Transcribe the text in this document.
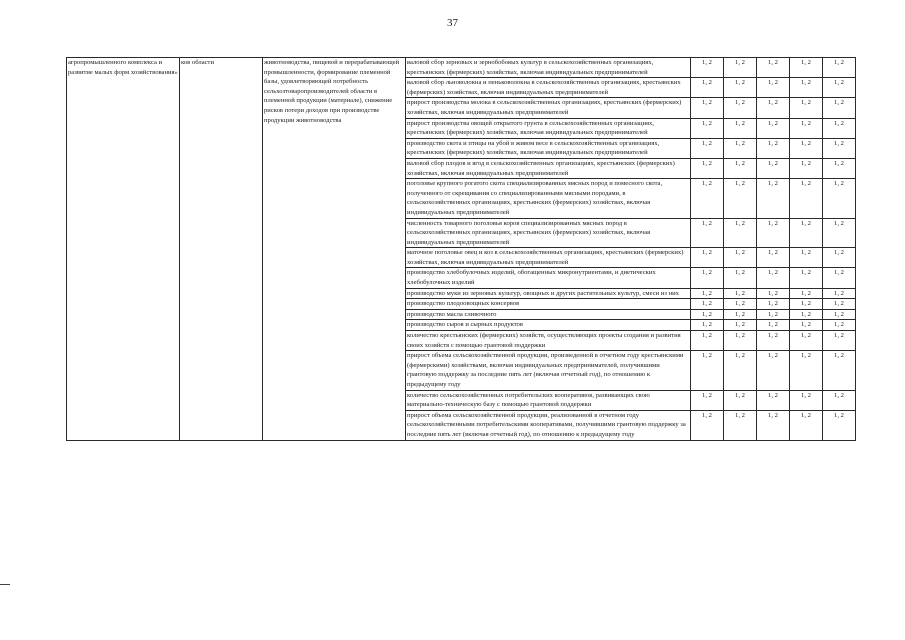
37
агропромышленного комплекса и развитие малых форм хозяйствования»	ков области	животноводства, пищевой и перерабатывающей промышленности, формирование племенной базы, удовлетворяющей потребность сельхозтоваропроизводителей области в племенной продукции (материале), снижение рисков потери доходов при производстве продукции животноводства	валовой сбор зерновых и зернобобовых культур в сельскохозяйственных организациях, крестьянских (фермерских) хозяйствах, включая индивидуальных предпринимателей	1, 2	1, 2	1, 2	1, 2	1, 2
			валовой сбор льноволокна и пеньковолокна в сельскохозяйственных организациях, крестьянских (фермерских) хозяйствах, включая индивидуальных предпринимателей	1, 2	1, 2	1, 2	1, 2	1, 2
			прирост производства молока в сельскохозяйственных организациях, крестьянских (фермерских) хозяйствах, включая индивидуальных предпринимателей	1, 2	1, 2	1, 2	1, 2	1, 2
			прирост производства овощей открытого грунта в сельскохозяйственных организациях, крестьянских (фермерских) хозяйствах, включая индивидуальных предпринимателей	1, 2	1, 2	1, 2	1, 2	1, 2
			производство скота и птицы на убой в живом весе в сельскохозяйственных организациях, крестьянских (фермерских) хозяйствах, включая индивидуальных предпринимателей	1, 2	1, 2	1, 2	1, 2	1, 2
			валовой сбор плодов и ягод в сельскохозяйственных организациях, крестьянских (фермерских) хозяйствах, включая индивидуальных предпринимателей	1, 2	1, 2	1, 2	1, 2	1, 2
			поголовье крупного рогатого скота специализированных мясных пород и помесного скота, полученного от скрещивания со специализированными мясными породами, в сельскохозяйственных организациях, крестьянских (фермерских) хозяйствах, включая индивидуальных предпринимателей	1, 2	1, 2	1, 2	1, 2	1, 2
			численность товарного поголовья коров специализированных мясных пород в сельскохозяйственных организациях, крестьянских (фермерских) хозяйствах, включая индивидуальных предпринимателей	1, 2	1, 2	1, 2	1, 2	1, 2
			маточное поголовье овец и коз в сельскохозяйственных организациях, крестьянских (фермерских) хозяйствах, включая индивидуальных предпринимателей	1, 2	1, 2	1, 2	1, 2	1, 2
			производство хлебобулочных изделий, обогащенных микронутриентами, и диетических хлебобулочных изделий	1, 2	1, 2	1, 2	1, 2	1, 2
			производство муки из зерновых культур, овощных и других растительных культур, смеси из них	1, 2	1, 2	1, 2	1, 2	1, 2
			производство плодоовощных консервов	1, 2	1, 2	1, 2	1, 2	1, 2
			производство масла сливочного	1, 2	1, 2	1, 2	1, 2	1, 2
			производство сыров и сырных продуктов	1, 2	1, 2	1, 2	1, 2	1, 2
			количество крестьянских (фермерских) хозяйств, осуществляющих проекты создания и развития своих хозяйств с помощью грантовой поддержки	1, 2	1, 2	1, 2	1, 2	1, 2
			прирост объема сельскохозяйственной продукции, произведенной в отчетном году крестьянскими (фермерскими) хозяйствами, включая индивидуальных предпринимателей, получившими грантовую поддержку за последние пять лет (включая отчетный год), по отношению к предыдущему году	1, 2	1, 2	1, 2	1, 2	1, 2
			количество сельскохозяйственных потребительских кооперативов, развивающих свою материально-техническую базу с помощью грантовой поддержки	1, 2	1, 2	1, 2	1, 2	1, 2
			прирост объема сельскохозяйственной продукции, реализованной в отчетном году сельскохозяйственными потребительскими кооперативами, получившими грантовую поддержку за последние пять лет (включая отчетный год), по отношению к предыдущему году	1, 2	1, 2	1, 2	1, 2	1, 2
